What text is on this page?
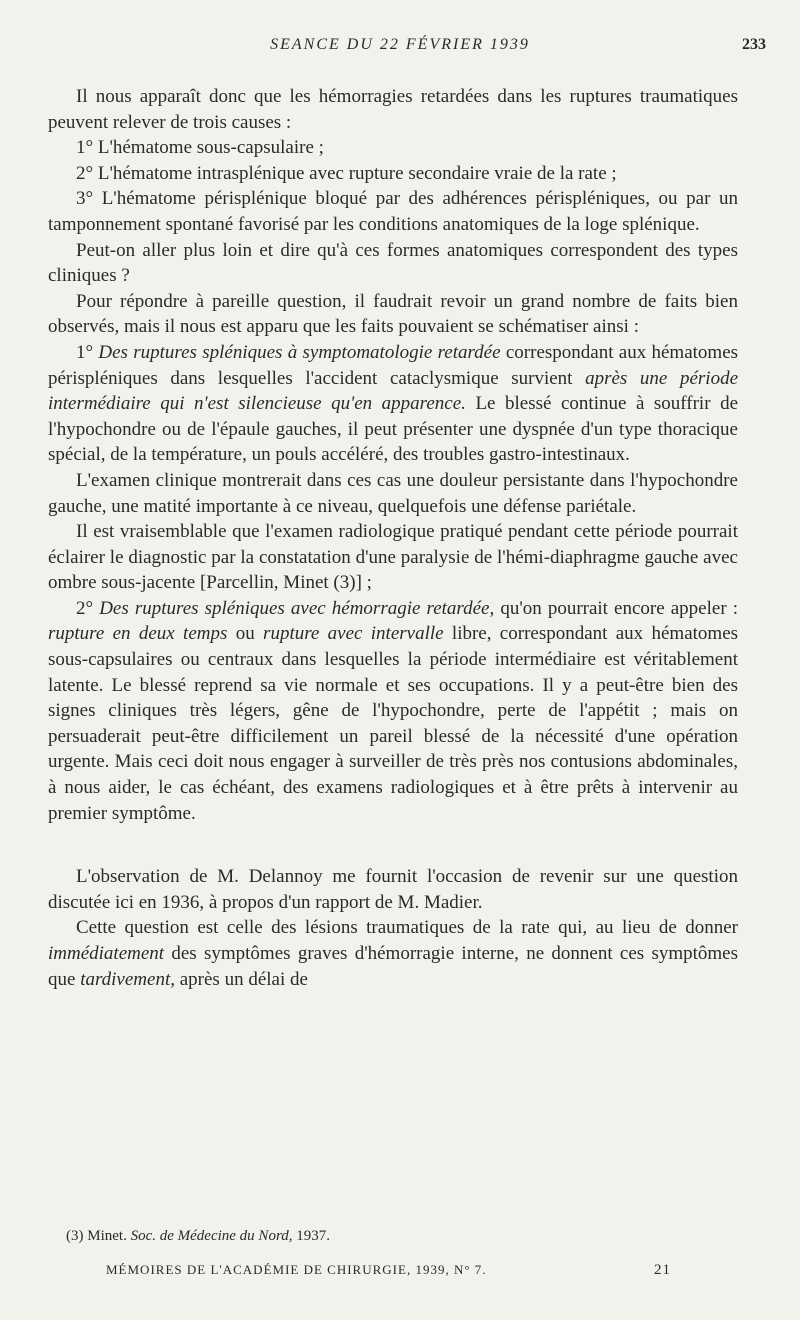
SEANCE DU 22 FÉVRIER 1939	233

Il nous apparaît donc que les hémorragies retardées dans les ruptures traumatiques peuvent relever de trois causes :

1° L'hématome sous-capsulaire ;

2° L'hématome intrasplénique avec rupture secondaire vraie de la rate ;

3° L'hématome périsplénique bloqué par des adhérences périspléniques, ou par un tamponnement spontané favorisé par les conditions anatomiques de la loge splénique.

Peut-on aller plus loin et dire qu'à ces formes anatomiques correspondent des types cliniques ?

Pour répondre à pareille question, il faudrait revoir un grand nombre de faits bien observés, mais il nous est apparu que les faits pouvaient se schématiser ainsi :

1° Des ruptures spléniques à symptomatologie retardée correspondant aux hématomes périspléniques dans lesquelles l'accident cataclysmique survient après une période intermédiaire qui n'est silencieuse qu'en apparence. Le blessé continue à souffrir de l'hypochondre ou de l'épaule gauches, il peut présenter une dyspnée d'un type thoracique spécial, de la température, un pouls accéléré, des troubles gastro-intestinaux.

L'examen clinique montrerait dans ces cas une douleur persistante dans l'hypochondre gauche, une matité importante à ce niveau, quelquefois une défense pariétale.

Il est vraisemblable que l'examen radiologique pratiqué pendant cette période pourrait éclairer le diagnostic par la constatation d'une paralysie de l'hémi-diaphragme gauche avec ombre sous-jacente [Parcellin, Minet (3)] ;

2° Des ruptures spléniques avec hémorragie retardée, qu'on pourrait encore appeler : rupture en deux temps ou rupture avec intervalle libre, correspondant aux hématomes sous-capsulaires ou centraux dans lesquelles la période intermédiaire est véritablement latente. Le blessé reprend sa vie normale et ses occupations. Il y a peut-être bien des signes cliniques très légers, gêne de l'hypochondre, perte de l'appétit ; mais on persuaderait peut-être difficilement un pareil blessé de la nécessité d'une opération urgente. Mais ceci doit nous engager à surveiller de très près nos contusions abdominales, à nous aider, le cas échéant, des examens radiologiques et à être prêts à intervenir au premier symptôme.

L'observation de M. Delannoy me fournit l'occasion de revenir sur une question discutée ici en 1936, à propos d'un rapport de M. Madier.

Cette question est celle des lésions traumatiques de la rate qui, au lieu de donner immédiatement des symptômes graves d'hémorragie interne, ne donnent ces symptômes que tardivement, après un délai de

(3) Minet. Soc. de Médecine du Nord, 1937.
MÉMOIRES DE L'ACADÉMIE DE CHIRURGIE, 1939, N° 7.	21
